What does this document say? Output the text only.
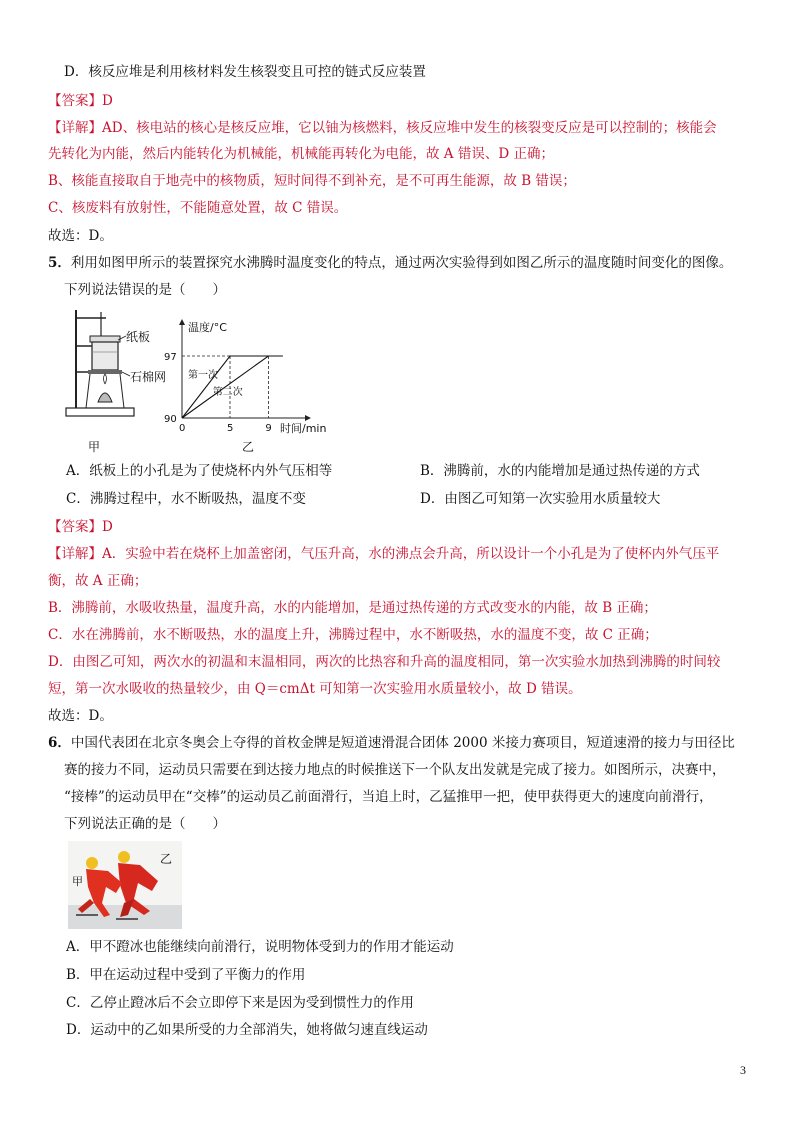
D．核反应堆是利用核材料发生核裂变且可控的链式反应装置
【答案】D
【详解】AD、核电站的核心是核反应堆，它以铀为核燃料，核反应堆中发生的核裂变反应是可以控制的；核能会
先转化为内能，然后内能转化为机械能，机械能再转化为电能，故 A 错误、D 正确；
B、核能直接取自于地壳中的核物质，短时间得不到补充，是不可再生能源，故 B 错误；
C、核废料有放射性，不能随意处置，故 C 错误。
故选：D。
5．利用如图甲所示的装置探究水沸腾时温度变化的特点，通过两次实验得到如图乙所示的温度随时间变化的图像。
下列说法错误的是（　　）
纸板
石棉网
甲
温度/°C
时间/min
90
97
0	5	9
第一次
第二次
乙
A．纸板上的小孔是为了使烧杯内外气压相等	B．沸腾前，水的内能增加是通过热传递的方式
C．沸腾过程中，水不断吸热，温度不变	D．由图乙可知第一次实验用水质量较大
【答案】D
【详解】A．实验中若在烧杯上加盖密闭，气压升高，水的沸点会升高，所以设计一个小孔是为了使杯内外气压平
衡，故 A 正确；
B．沸腾前，水吸收热量，温度升高，水的内能增加，是通过热传递的方式改变水的内能，故 B 正确；
C．水在沸腾前，水不断吸热，水的温度上升，沸腾过程中，水不断吸热，水的温度不变，故 C 正确；
D．由图乙可知，两次水的初温和末温相同，两次的比热容和升高的温度相同，第一次实验水加热到沸腾的时间较
短，第一次水吸收的热量较少，由 Q＝cmΔt 可知第一次实验用水质量较小，故 D 错误。
故选：D。
6．中国代表团在北京冬奥会上夺得的首枚金牌是短道速滑混合团体 2000 米接力赛项目，短道速滑的接力与田径比
赛的接力不同，运动员只需要在到达接力地点的时候推送下一个队友出发就是完成了接力。如图所示，决赛中，
“接棒”的运动员甲在“交棒”的运动员乙前面滑行，当追上时，乙猛推甲一把，使甲获得更大的速度向前滑行，
下列说法正确的是（　　）
乙
甲
A．甲不蹬冰也能继续向前滑行，说明物体受到力的作用才能运动
B．甲在运动过程中受到了平衡力的作用
C．乙停止蹬冰后不会立即停下来是因为受到惯性力的作用
D．运动中的乙如果所受的力全部消失，她将做匀速直线运动
3
